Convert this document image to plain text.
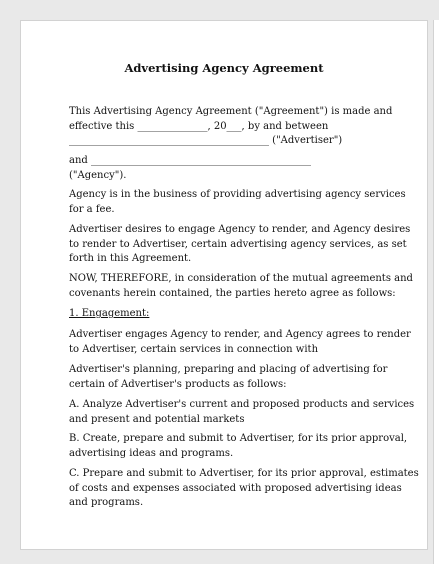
Advertising Agency Agreement
This Advertising Agency Agreement ("Agreement") is made and
effective this ______________, 20___, by and between
________________________________________ ("Advertiser")
and ____________________________________________
("Agency").
Agency is in the business of providing advertising agency services
for a fee.
Advertiser desires to engage Agency to render, and Agency desires
to render to Advertiser, certain advertising agency services, as set
forth in this Agreement.
NOW, THEREFORE, in consideration of the mutual agreements and
covenants herein contained, the parties hereto agree as follows:
1. Engagement:
Advertiser engages Agency to render, and Agency agrees to render
to Advertiser, certain services in connection with
Advertiser's planning, preparing and placing of advertising for
certain of Advertiser's products as follows:
A. Analyze Advertiser's current and proposed products and services
and present and potential markets
B. Create, prepare and submit to Advertiser, for its prior approval,
advertising ideas and programs.
C. Prepare and submit to Advertiser, for its prior approval, estimates
of costs and expenses associated with proposed advertising ideas
and programs.
